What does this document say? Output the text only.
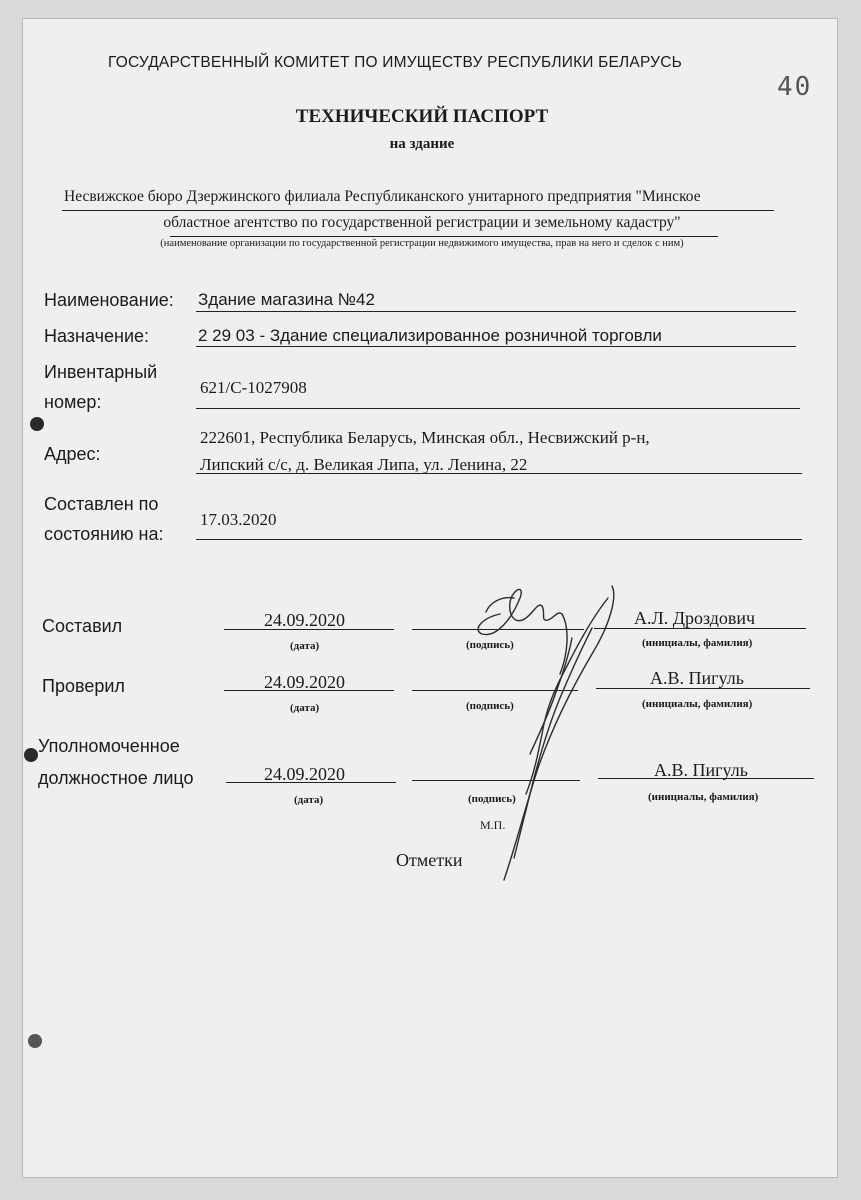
ГОСУДАРСТВЕННЫЙ КОМИТЕТ ПО ИМУЩЕСТВУ РЕСПУБЛИКИ БЕЛАРУСЬ
40
ТЕХНИЧЕСКИЙ ПАСПОРТ
на здание
Несвижское бюро Дзержинского филиала Республиканского унитарного предприятия "Минское
областное агентство по государственной регистрации и земельному кадастру"
(наименование организации по государственной регистрации недвижимого имущества, прав на него и сделок с ним)
Наименование: Здание магазина №42
Назначение:	2 29 03 - Здание специализированное розничной торговли
Инвентарный
номер:
621/С-1027908
Адрес:
222601, Республика Беларусь, Минская обл., Несвижский р-н,
Липский с/с, д. Великая Липа, ул. Ленина, 22
Составлен по
состоянию на:
17.03.2020
Составил	24.09.2020	А.Л. Дроздович
(дата)	(подпись)	(инициалы, фамилия)
Проверил	24.09.2020	А.В. Пигуль
(дата)	(подпись)	(инициалы, фамилия)
Уполномоченное
должностное лицо	24.09.2020	А.В. Пигуль
(дата)	(подпись)	(инициалы, фамилия)
М.П.
Отметки
